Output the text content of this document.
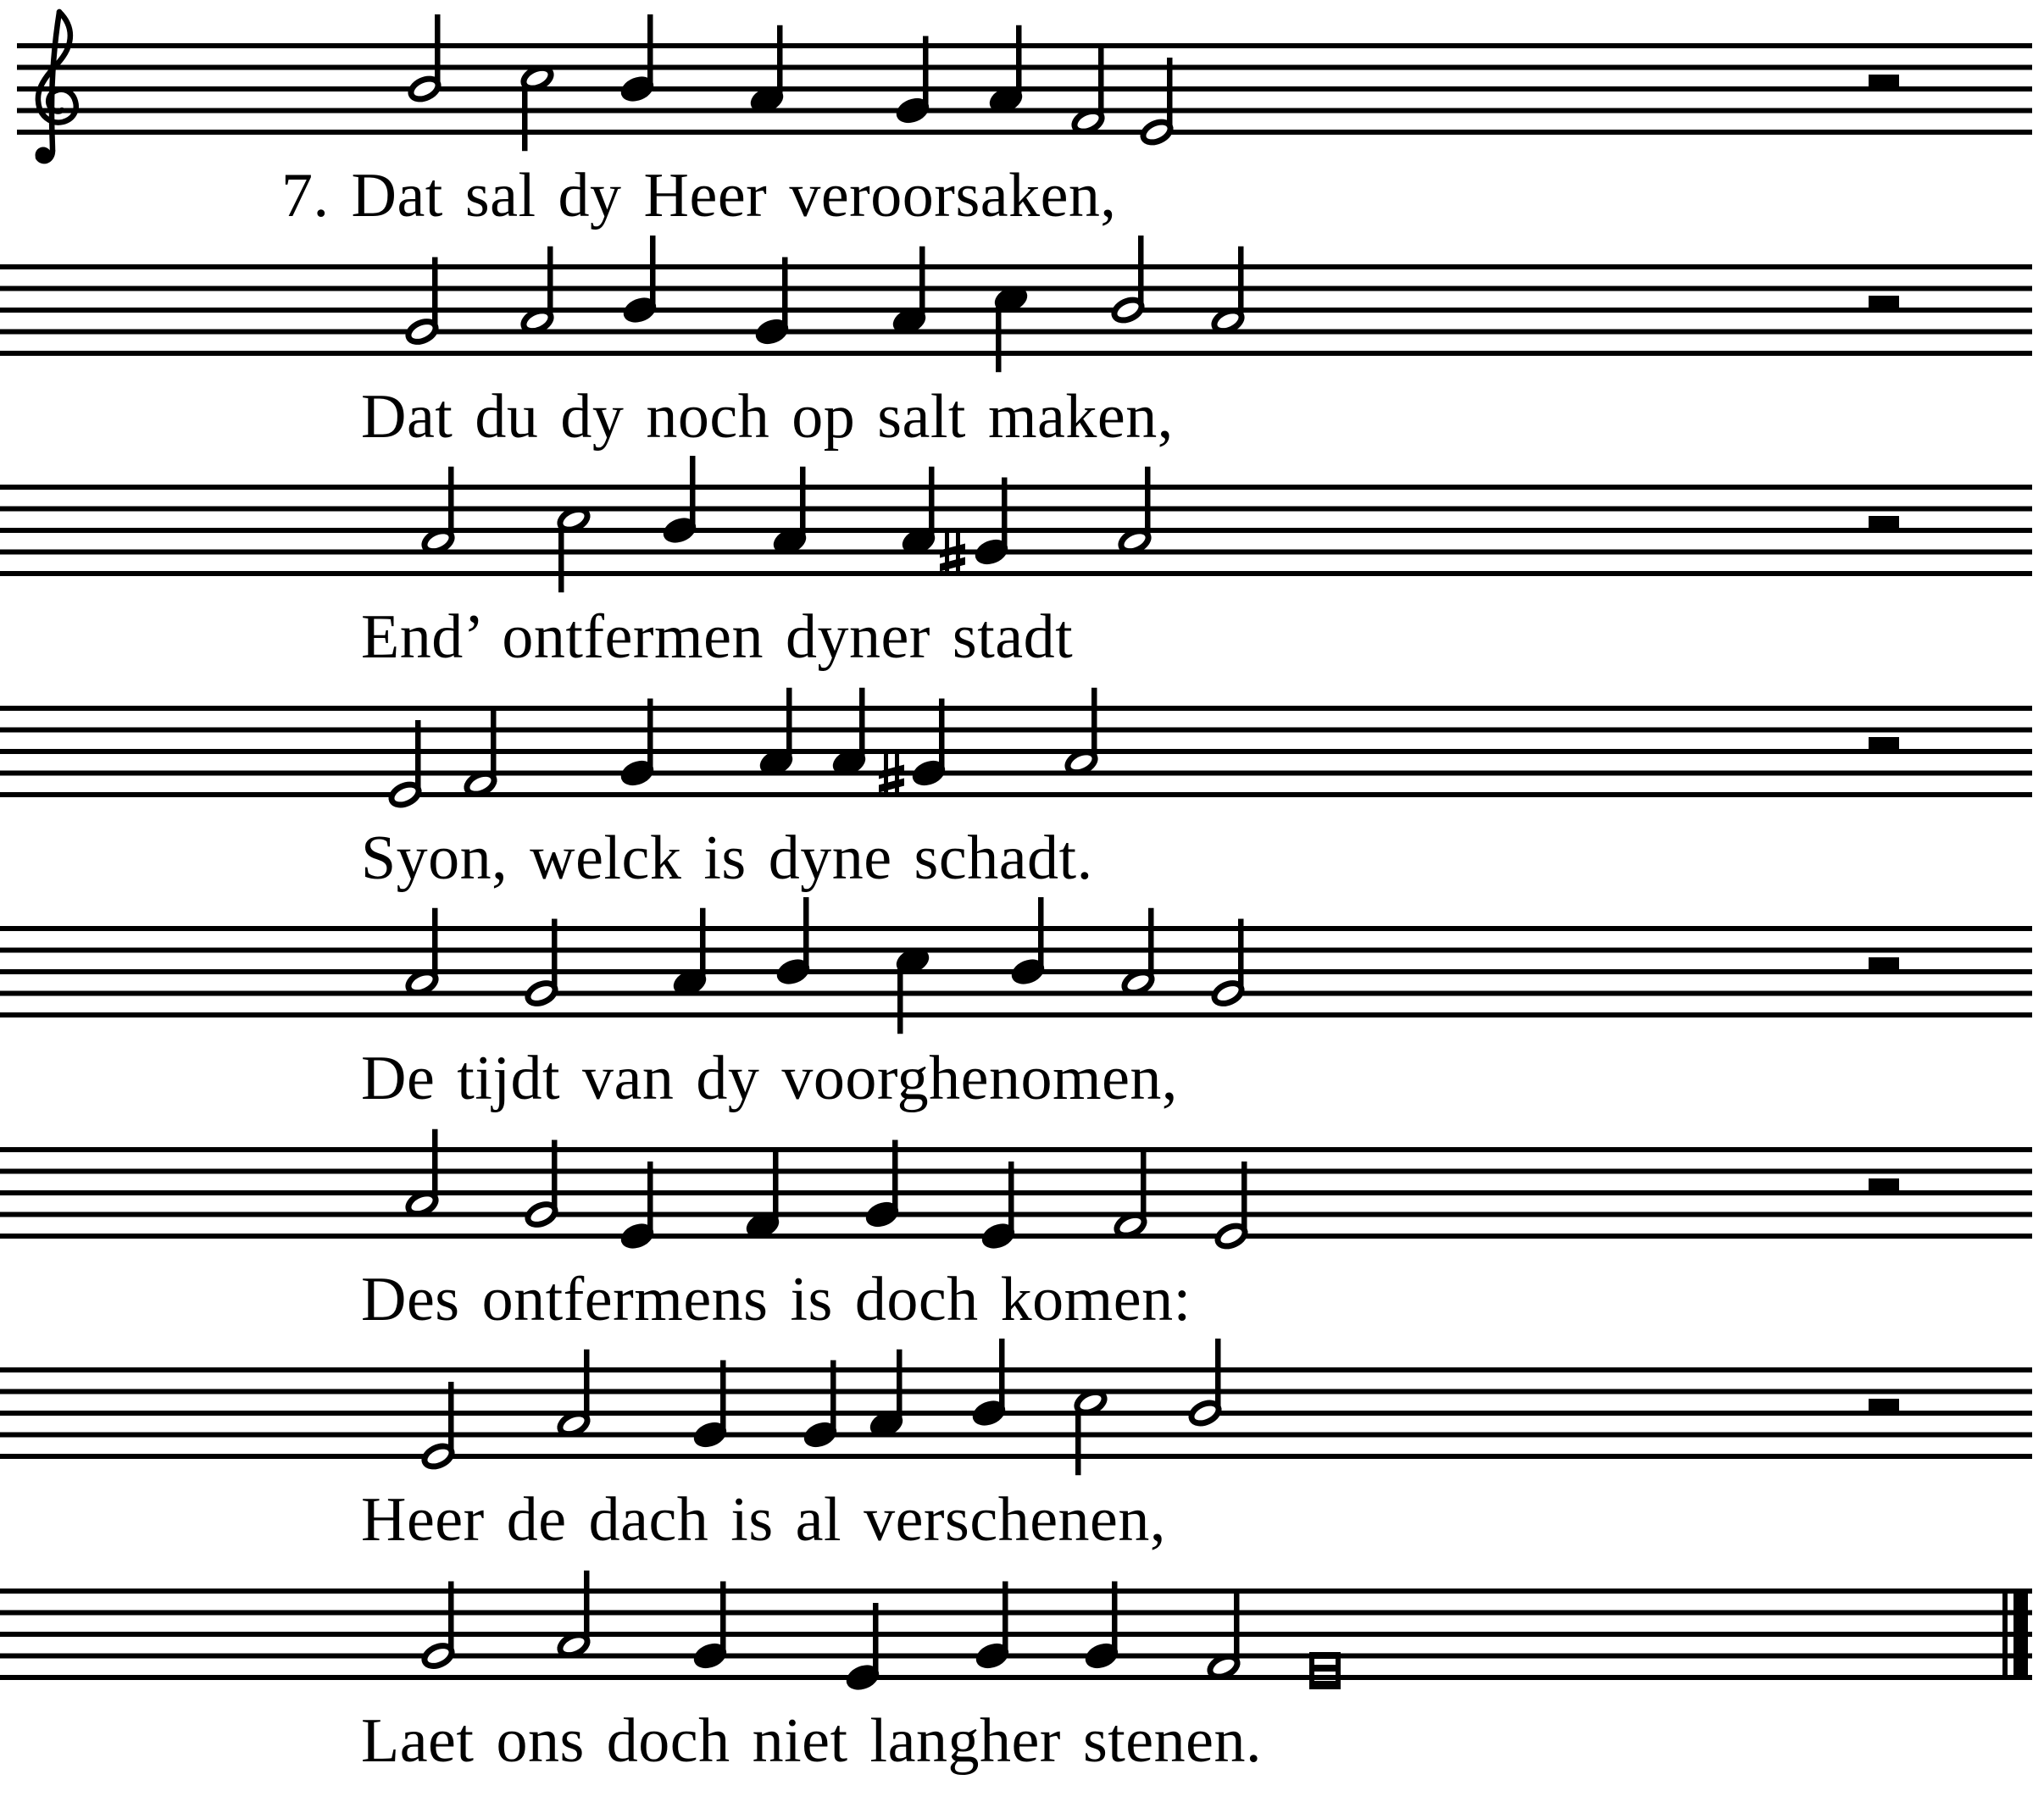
7. Dat sal dy Heer veroorsaken,
Dat du dy noch op salt maken,
End’ ontfermen dyner stadt
Syon, welck is dyne schadt.
De tijdt van dy voorghenomen,
Des ontfermens is doch komen:
Heer de dach is al verschenen,
Laet ons doch niet langher stenen.
